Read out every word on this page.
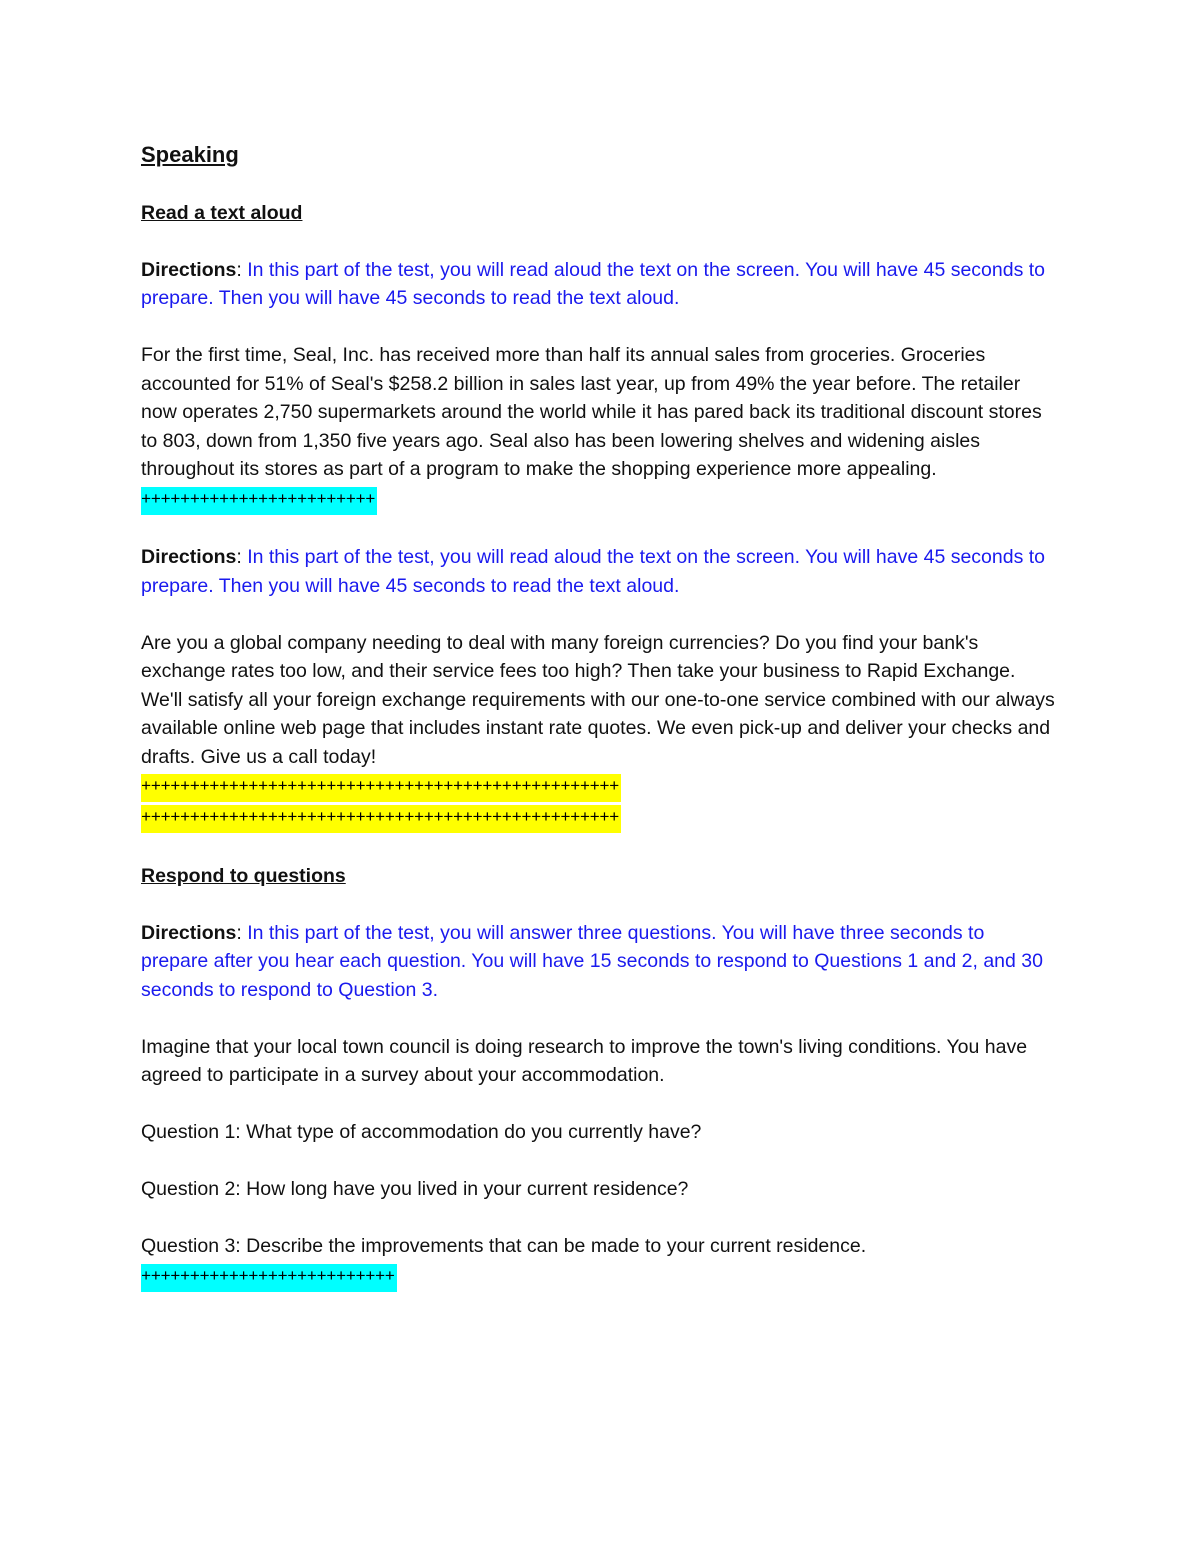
Speaking

Read a text aloud

Directions: In this part of the test, you will read aloud the text on the screen. You will have 45 seconds to prepare. Then you will have 45 seconds to read the text aloud.

For the first time, Seal, Inc. has received more than half its annual sales from groceries. Groceries accounted for 51% of Seal's $258.2 billion in sales last year, up from 49% the year before. The retailer now operates 2,750 supermarkets around the world while it has pared back its traditional discount stores to 803, down from 1,350 five years ago. Seal also has been lowering shelves and widening aisles throughout its stores as part of a program to make the shopping experience more appealing.

++++++++++++++++++++++++

Directions: In this part of the test, you will read aloud the text on the screen. You will have 45 seconds to prepare. Then you will have 45 seconds to read the text aloud.

Are you a global company needing to deal with many foreign currencies? Do you find your bank's exchange rates too low, and their service fees too high? Then take your business to Rapid Exchange. We'll satisfy all your foreign exchange requirements with our one-to-one service combined with our always available online web page that includes instant rate quotes. We even pick-up and deliver your checks and drafts. Give us a call today!

+++++++++++++++++++++++++++++++++++++++++++++++++
+++++++++++++++++++++++++++++++++++++++++++++++++

Respond to questions

Directions: In this part of the test, you will answer three questions. You will have three seconds to prepare after you hear each question. You will have 15 seconds to respond to Questions 1 and 2, and 30 seconds to respond to Question 3.

Imagine that your local town council is doing research to improve the town's living conditions. You have agreed to participate in a survey about your accommodation.

Question 1: What type of accommodation do you currently have?

Question 2: How long have you lived in your current residence?

Question 3: Describe the improvements that can be made to your current residence.

++++++++++++++++++++++++++
